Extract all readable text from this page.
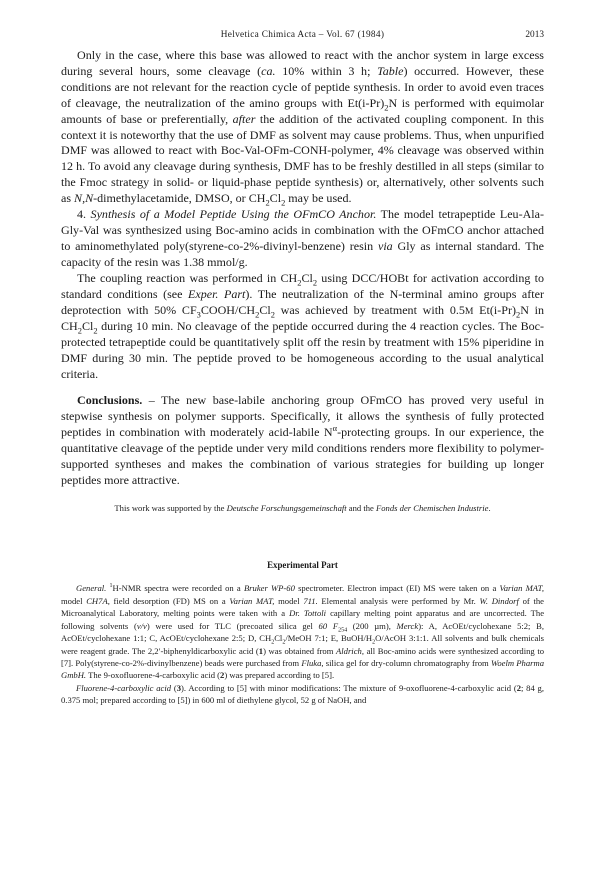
Helvetica Chimica Acta – Vol. 67 (1984)	2013

Only in the case, where this base was allowed to react with the anchor system in large excess during several hours, some cleavage (ca. 10% within 3 h; Table) occurred. However, these conditions are not relevant for the reaction cycle of peptide synthesis. In order to avoid even traces of cleavage, the neutralization of the amino groups with $Et(i-Pr)_2N$ is performed with equimolar amounts of base or preferentially, after the addition of the activated coupling component. In this context it is noteworthy that the use of DMF as solvent may cause problems. Thus, when unpurified DMF was allowed to react with Boc-Val-OFm-CONH-polymer, 4% cleavage was observed within 12 h. To avoid any cleavage during synthesis, DMF has to be freshly destilled in all steps (similar to the Fmoc strategy in solid- or liquid-phase peptide synthesis) or, alternatively, other solvents such as N,N-dimethylacetamide, DMSO, or $CH_2Cl_2$ may be used.

4. Synthesis of a Model Peptide Using the OFmCO Anchor. The model tetrapeptide Leu-Ala-Gly-Val was synthesized using Boc-amino acids in combination with the OFmCO anchor attached to aminomethylated poly(styrene-co-2%-divinyl-benzene) resin via Gly as internal standard. The capacity of the resin was 1.38 mmol/g.

The coupling reaction was performed in $CH_2Cl_2$ using DCC/HOBt for activation according to standard conditions (see Exper. Part). The neutralization of the N-terminal amino groups after deprotection with 50% $CF_3COOH/CH_2Cl_2$ was achieved by treatment with 0.5M $Et(i-Pr)_2N$ in $CH_2Cl_2$ during 10 min. No cleavage of the peptide occurred during the 4 reaction cycles. The Boc-protected tetrapeptide could be quantitatively split off the resin by treatment with 15% piperidine in DMF during 30 min. The peptide proved to be homogeneous according to the usual analytical criteria.

Conclusions. – The new base-labile anchoring group OFmCO has proved very useful in stepwise synthesis on polymer supports. Specifically, it allows the synthesis of fully protected peptides in combination with moderately acid-labile $N^\alpha$-protecting groups. In our experience, the quantitative cleavage of the peptide under very mild conditions renders more flexibility to polymer-supported syntheses and makes the combination of various strategies for building up longer peptides more attractive.

This work was supported by the Deutsche Forschungsgemeinschaft and the Fonds der Chemischen Industrie.
Experimental Part

General. $^1$H-NMR spectra were recorded on a Bruker WP-60 spectrometer. Electron impact (EI) MS were taken on a Varian MAT, model CH7A, field desorption (FD) MS on a Varian MAT, model 711. Elemental analysis were performed by Mr. W. Dindorf of the Microanalytical Laboratory, melting points were taken with a Dr. Tottoli capillary melting point apparatus and are uncorrected. The following solvents (v/v) were used for TLC (precoated silica gel 60 $F_{254}$ (200 µm), Merck): A, AcOEt/cyclohexane 5:2; B, AcOEt/cyclohexane 1:1; C, AcOEt/cyclohexane 2:5; D, $CH_2Cl_2$/MeOH 7:1; E, BuOH/$H_2O$/AcOH 3:1:1. All solvents and bulk chemicals were reagent grade. The 2,2′-biphenyldicarboxylic acid (1) was obtained from Aldrich, all Boc-amino acids were synthesized according to [7]. Poly(styrene-co-2%-divinylbenzene) beads were purchased from Fluka, silica gel for dry-column chromatography from Woelm Pharma GmbH. The 9-oxofluorene-4-carboxylic acid (2) was prepared according to [5].

Fluorene-4-carboxylic acid (3). According to [5] with minor modifications: The mixture of 9-oxofluorene-4-carboxylic acid (2; 84 g, 0.375 mol; prepared according to [5]) in 600 ml of diethylene glycol, 52 g of NaOH, and
